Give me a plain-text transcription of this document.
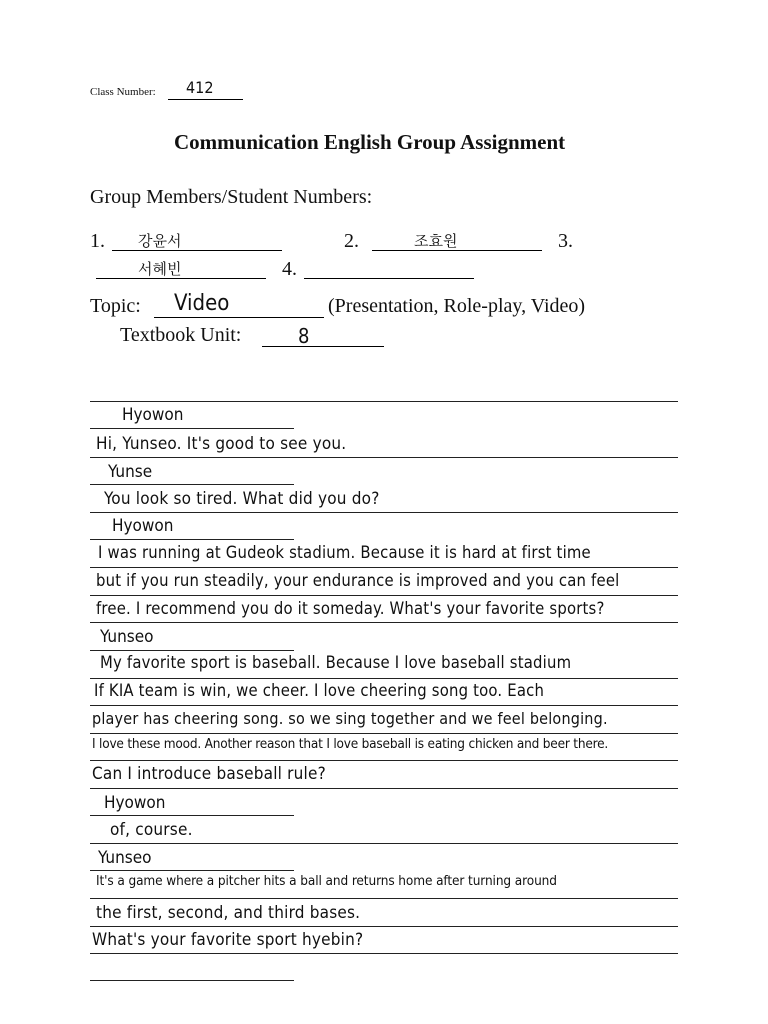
Class Number: 412
Communication English Group Assignment
Group Members/Student Numbers:
1. 강윤서	2.	조효원	3.
서혜빈	4.
Topic: Video	(Presentation, Role-play, Video)
Textbook Unit:	8
Hyowon
Hi, Yunseo. It's good to see you.
Yunse
You look so tired. What did you do?
Hyowon
I was running at Gudeok stadium. Because it is hard at first time
but if you run steadily, your endurance is improved and you can feel
free. I recommend you do it someday. What's your favorite sports?
Yunseo
My favorite sport is baseball. Because I love baseball stadium
If KIA team is win, we cheer. I love cheering song too. Each
player has cheering song. so we sing together and we feel belonging.
I love these mood. Another reason that I love baseball is eating chicken and beer there.
Can I introduce baseball rule?
Hyowon
of, course.
Yunseo
It's a game where a pitcher hits a ball and returns home after turning around
the first, second, and third bases.
What's your favorite sport hyebin?
